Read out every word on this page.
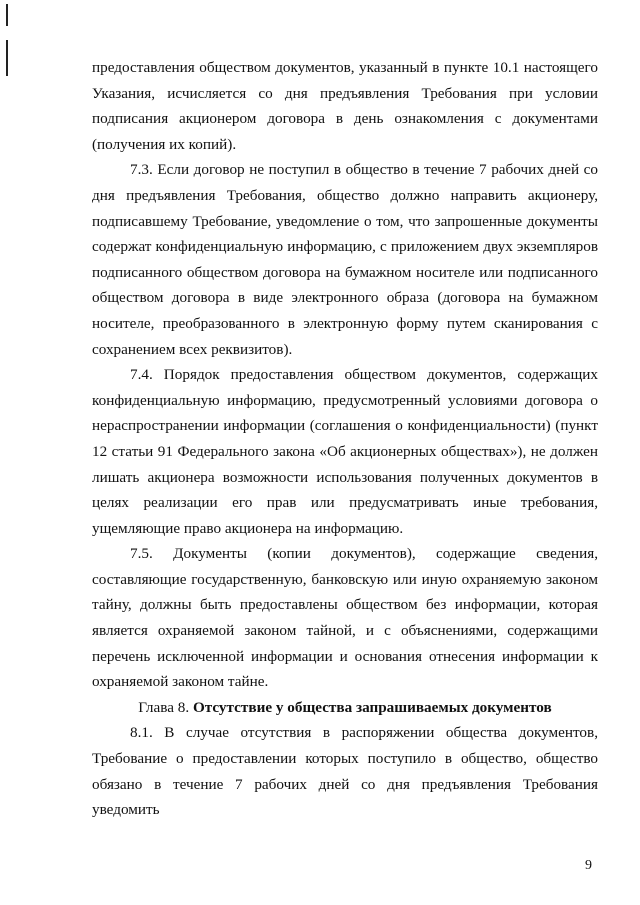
предоставления обществом документов, указанный в пункте 10.1 настоящего Указания, исчисляется со дня предъявления Требования при условии подписания акционером договора в день ознакомления с документами (получения их копий).

7.3. Если договор не поступил в общество в течение 7 рабочих дней со дня предъявления Требования, общество должно направить акционеру, подписавшему Требование, уведомление о том, что запрошенные документы содержат конфиденциальную информацию, с приложением двух экземпляров подписанного обществом договора на бумажном носителе или подписанного обществом договора в виде электронного образа (договора на бумажном носителе, преобразованного в электронную форму путем сканирования с сохранением всех реквизитов).

7.4. Порядок предоставления обществом документов, содержащих конфиденциальную информацию, предусмотренный условиями договора о нераспространении информации (соглашения о конфиденциальности) (пункт 12 статьи 91 Федерального закона «Об акционерных обществах»), не должен лишать акционера возможности использования полученных документов в целях реализации его прав или предусматривать иные требования, ущемляющие право акционера на информацию.

7.5. Документы (копии документов), содержащие сведения, составляющие государственную, банковскую или иную охраняемую законом тайну, должны быть предоставлены обществом без информации, которая является охраняемой законом тайной, и с объяснениями, содержащими перечень исключенной информации и основания отнесения информации к охраняемой законом тайне.

Глава 8. Отсутствие у общества запрашиваемых документов

8.1. В случае отсутствия в распоряжении общества документов, Требование о предоставлении которых поступило в общество, общество обязано в течение 7 рабочих дней со дня предъявления Требования уведомить

9
